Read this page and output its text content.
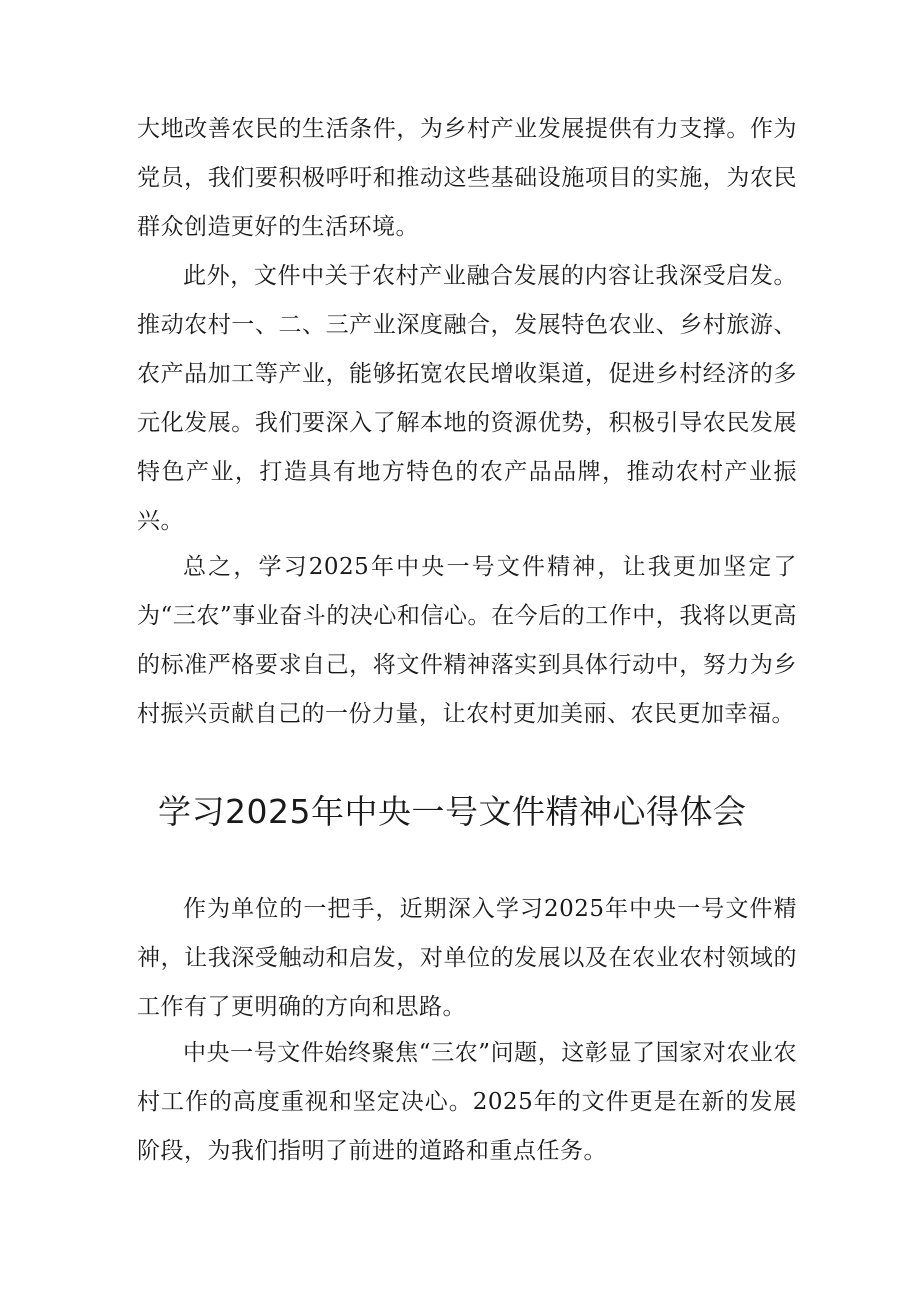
大地改善农民的生活条件，为乡村产业发展提供有力支撑。作为党员，我们要积极呼吁和推动这些基础设施项目的实施，为农民群众创造更好的生活环境。

此外，文件中关于农村产业融合发展的内容让我深受启发。推动农村一、二、三产业深度融合，发展特色农业、乡村旅游、农产品加工等产业，能够拓宽农民增收渠道，促进乡村经济的多元化发展。我们要深入了解本地的资源优势，积极引导农民发展特色产业，打造具有地方特色的农产品品牌，推动农村产业振兴。

总之，学习2025年中央一号文件精神，让我更加坚定了为“三农”事业奋斗的决心和信心。在今后的工作中，我将以更高的标准严格要求自己，将文件精神落实到具体行动中，努力为乡村振兴贡献自己的一份力量，让农村更加美丽、农民更加幸福。

学习2025年中央一号文件精神心得体会

作为单位的一把手，近期深入学习2025年中央一号文件精神，让我深受触动和启发，对单位的发展以及在农业农村领域的工作有了更明确的方向和思路。

中央一号文件始终聚焦“三农”问题，这彰显了国家对农业农村工作的高度重视和坚定决心。2025年的文件更是在新的发展阶段，为我们指明了前进的道路和重点任务。
